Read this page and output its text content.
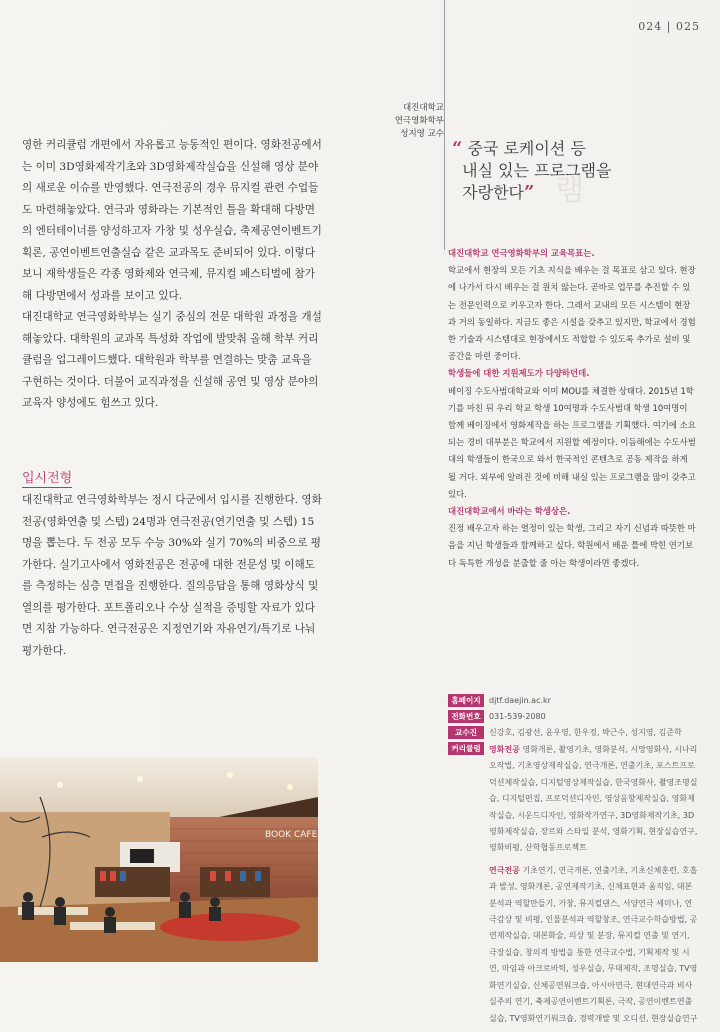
024 | 025
대진대학교
연극영화학부
성지영 교수

영한 커리큘럼 개편에서 자유롭고 능동적인 편이다. 영화전공에서는 이미 3D영화제작기초와 3D영화제작실습을 신설해 영상 분야의 새로운 이슈를 반영했다. 연극전공의 경우 뮤지컬 관련 수업들도 마련해놓았다. 연극과 영화라는 기본적인 틀을 확대해 다방면의 엔터테이너를 양성하고자 가창 및 성우실습, 축제공연이벤트기획론, 공연이벤트연출실습 같은 교과목도 준비되어 있다. 이렇다 보니 재학생들은 각종 영화제와 연극제, 뮤지컬 페스티벌에 참가해 다방면에서 성과를 보이고 있다.

대진대학교 연극영화학부는 실기 중심의 전문 대학원 과정을 개설해놓았다. 대학원의 교과목 특성화 작업에 발맞춰 올해 학부 커리큘럼을 업그레이드했다. 대학원과 학부를 연결하는 맞춤 교육을 구현하는 것이다. 더불어 교직과정을 신설해 공연 및 영상 분야의 교육자 양성에도 힘쓰고 있다.

입시전형

대진대학교 연극영화학부는 정시 다군에서 입시를 진행한다. 영화전공(영화연출 및 스텝) 24명과 연극전공(연기연출 및 스텝) 15명을 뽑는다. 두 전공 모두 수능 30%와 실기 70%의 비중으로 평가한다. 실기고사에서 영화전공은 전공에 대한 전문성 및 이해도를 측정하는 심층 면접을 진행한다. 질의응답을 통해 영화상식 및 열의를 평가한다. 포트폴리오나 수상 실적을 증빙할 자료가 있다면 지참 가능하다. 연극전공은 지정연기와 자유연기/특기로 나눠 평가한다.

램
“ 중국 로케이션 등
내실 있는 프로그램을
자랑한다”

대진대학교 연극영화학부의 교육목표는.

학교에서 현장의 모든 기초 지식을 배우는 걸 목표로 삼고 있다. 현장에 나가서 다시 배우는 걸 원치 않는다. 곧바로 업무를 추진할 수 있는 전문인력으로 키우고자 한다. 그래서 교내의 모든 시스템이 현장과 거의 동일하다. 지금도 좋은 시설을 갖추고 있지만, 학교에서 경험한 기술과 시스템대로 현장에서도 적합할 수 있도록 추가로 설비 및 공간을 마련 중이다.

학생들에 대한 지원제도가 다양하던데.

베이징 수도사범대학교와 이미 MOU를 체결한 상태다. 2015년 1학기를 마친 뒤 우리 학교 학생 10여명과 수도사범대 학생 10여명이 함께 베이징에서 영화제작을 하는 프로그램을 기획했다. 여기에 소요되는 경비 대부분은 학교에서 지원할 예정이다. 이듬해에는 수도사범대의 학생들이 한국으로 와서 한국적인 콘텐츠로 공동 제작을 하게 될 거다. 외부에 알려진 것에 비해 내실 있는 프로그램을 많이 갖추고 있다.

대진대학교에서 바라는 학생상은.

진정 배우고자 하는 열정이 있는 학생, 그리고 자기 신념과 따뜻한 마음을 지닌 학생들과 함께하고 싶다. 학원에서 배운 틀에 박힌 연기보다 독특한 개성을 분출할 줄 아는 학생이라면 좋겠다.

홈페이지	djtf.daejin.ac.kr
전화번호	031-539-2080
교수진	신강호, 김광선, 윤우영, 한우정, 박근수, 성지영, 김준학
커리큘럼	영화전공 영화개론, 촬영기초, 영화분석, 시망영화사, 시나리오작법, 기초영상제작실습, 연극개론, 연출기초, 포스트프로덕션제작실습, 디지털영상제작실습, 한국영화사, 촬영조명실습, 디지털편집, 프로덕션디자인, 영상음향제작실습, 영화제작실습, 시운드디자인, 영화작가연구, 3D영화제작기초, 3D영화제작실습, 장르와 스타일 분석, 영화기획, 현장실습연구, 영화비평, 산학협동프로젝트
연극전공 기초연기, 연극개론, 연출기초, 기초신체훈련, 호흡과 발성, 영화개론, 공연제작기초, 신체표현과 움직임, 대본분석과 역할만들기, 가창, 뮤지컬댄스, 서양연극 세미나, 연극감상 및 비평, 인물분석과 역할창조, 연극교수학습방법, 공연제작실습, 대본화술, 의상 및 분장, 뮤지컬 연출 및 연기, 극장실습, 창의적 방법을 통한 연극교수법, 기획제작 및 시연, 마임과 아크로바틱, 성우실습, 무대제작, 조명실습, TV영화연기실습, 신체공연워크숍, 아시아연극, 현대연극과 비사실주의 연기, 축제공연이벤트기획론, 극작, 공연이벤트연출실습, TV영화연기워크숍, 경력개발 및 오디션, 현장실습연구
BOOK CAFE
